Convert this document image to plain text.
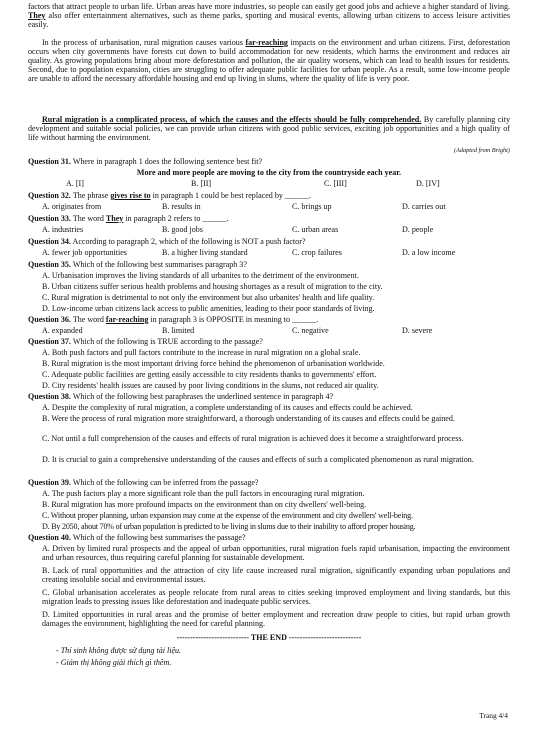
factors that attract people to urban life. Urban areas have more industries, so people can easily get good jobs and achieve a higher standard of living. They also offer entertainment alternatives, such as theme parks, sporting and musical events, allowing urban citizens to access leisure activities easily.

In the process of urbanisation, rural migration causes various far-reaching impacts on the environment and urban citizens. First, deforestation occurs when city governments have forests cut down to build accommodation for new residents, which harms the environment and reduces air quality. As growing populations bring about more deforestation and pollution, the air quality worsens, which can lead to health issues for residents. Second, due to population expansion, cities are struggling to offer adequate public facilities for urban people. As a result, some low-income people are unable to afford the necessary affordable housing and end up living in slums, where the quality of life is very poor.

Rural migration is a complicated process, of which the causes and the effects should be fully comprehended. By carefully planning city development and suitable social policies, we can provide urban citizens with good public services, exciting job opportunities and a high quality of life without harming the environment.

(Adapted from Bright)

Question 31. Where in paragraph 1 does the following sentence best fit?

More and more people are moving to the city from the countryside each year.

A. [I]	B. [II]	C. [III]	D. [IV]

Question 32. The phrase gives rise to in paragraph 1 could be best replaced by ______.

A. originates from	B. results in	C. brings up	D. carries out

Question 33. The word They in paragraph 2 refers to ______.

A. industries	B. good jobs	C. urban areas	D. people

Question 34. According to paragraph 2, which of the following is NOT a push factor?

A. fewer job opportunities	B. a higher living standard	C. crop failures	D. a low income

Question 35. Which of the following best summarises paragraph 3?

A. Urbanisation improves the living standards of all urbanites to the detriment of the environment.

B. Urban citizens suffer serious health problems and housing shortages as a result of migration to the city.

C. Rural migration is detrimental to not only the environment but also urbanites' health and life quality.

D. Low-income urban citizens lack access to public amenities, leading to their poor standards of living.

Question 36. The word far-reaching in paragraph 3 is OPPOSITE in meaning to ______.

A. expanded	B. limited	C. negative	D. severe

Question 37. Which of the following is TRUE according to the passage?

A. Both push factors and pull factors contribute to the increase in rural migration on a global scale.

B. Rural migration is the most important driving force behind the phenomenon of urbanisation worldwide.

C. Adequate public facilities are getting easily accessible to city residents thanks to governments' effort.

D. City residents' health issues are caused by poor living conditions in the slums, not reduced air quality.

Question 38. Which of the following best paraphrases the underlined sentence in paragraph 4?

A. Despite the complexity of rural migration, a complete understanding of its causes and effects could be achieved.

B. Were the process of rural migration more straightforward, a thorough understanding of its causes and effects could be gained.

C. Not until a full comprehension of the causes and effects of rural migration is achieved does it become a straightforward process.

D. It is crucial to gain a comprehensive understanding of the causes and effects of such a complicated phenomenon as rural migration.

Question 39. Which of the following can be inferred from the passage?

A. The push factors play a more significant role than the pull factors in encouraging rural migration.

B. Rural migration has more profound impacts on the environment than on city dwellers' well-being.

C. Without proper planning, urban expansion may come at the expense of the environment and city dwellers' well-being.

D. By 2050, about 70% of urban population is predicted to be living in slums due to their inability to afford proper housing.

Question 40. Which of the following best summarises the passage?

A. Driven by limited rural prospects and the appeal of urban opportunities, rural migration fuels rapid urbanisation, impacting the environment and urban resources, thus requiring careful planning for sustainable development.

B. Lack of rural opportunities and the attraction of city life cause increased rural migration, significantly expanding urban populations and creating insoluble social and environmental issues.

C. Global urbanisation accelerates as people relocate from rural areas to cities seeking improved employment and living standards, but this migration leads to pressing issues like deforestation and inadequate public services.

D. Limited opportunities in rural areas and the promise of better employment and recreation draw people to cities, but rapid urban growth damages the environment, highlighting the need for careful planning.

--------------------------- THE END ---------------------------
- Thí sinh không được sử dụng tài liệu.
- Giám thị không giải thích gì thêm.
Trang 4/4
